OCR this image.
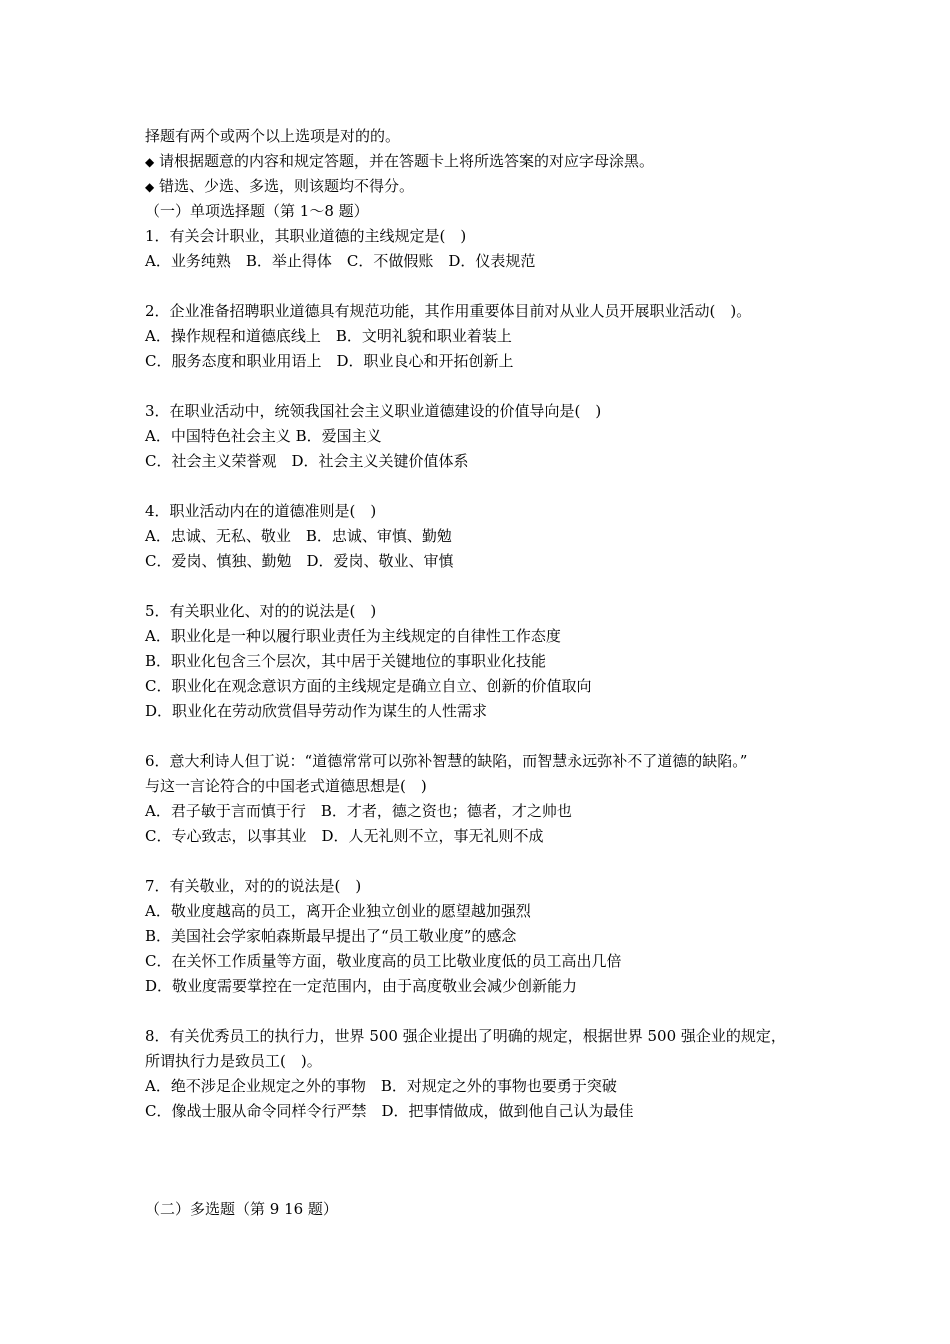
择题有两个或两个以上选项是对的的。
◆ 请根据题意的内容和规定答题，并在答题卡上将所选答案的对应字母涂黑。
◆ 错选、少选、多选，则该题均不得分。
（一）单项选择题（第 1～8 题）
1．有关会计职业，其职业道德的主线规定是(　)
A．业务纯熟　B．举止得体　C．不做假账　D．仪表规范
2．企业准备招聘职业道德具有规范功能，其作用重要体目前对从业人员开展职业活动(　)。
A．操作规程和道德底线上　B．文明礼貌和职业着装上
C．服务态度和职业用语上　D．职业良心和开拓创新上
3．在职业活动中，统领我国社会主义职业道德建设的价值导向是(　)
A．中国特色社会主义 B．爱国主义
C．社会主义荣誉观　D．社会主义关键价值体系
4．职业活动内在的道德准则是(　)
A．忠诚、无私、敬业　B．忠诚、审慎、勤勉
C．爱岗、慎独、勤勉　D．爱岗、敬业、审慎
5．有关职业化、对的的说法是(　)
A．职业化是一种以履行职业责任为主线规定的自律性工作态度
B．职业化包含三个层次，其中居于关键地位的事职业化技能
C．职业化在观念意识方面的主线规定是确立自立、创新的价值取向
D．职业化在劳动欣赏倡导劳动作为谋生的人性需求
6．意大利诗人但丁说：“道德常常可以弥补智慧的缺陷，而智慧永远弥补不了道德的缺陷。”
与这一言论符合的中国老式道德思想是(　)
A．君子敏于言而慎于行　B．才者，德之资也；德者，才之帅也
C．专心致志，以事其业　D．人无礼则不立，事无礼则不成
7．有关敬业，对的的说法是(　)
A．敬业度越高的员工，离开企业独立创业的愿望越加强烈
B．美国社会学家帕森斯最早提出了“员工敬业度”的感念
C．在关怀工作质量等方面，敬业度高的员工比敬业度低的员工高出几倍
D．敬业度需要掌控在一定范围内，由于高度敬业会减少创新能力
8．有关优秀员工的执行力，世界 500 强企业提出了明确的规定，根据世界 500 强企业的规定，
所谓执行力是致员工(　)。
A．绝不涉足企业规定之外的事物　B．对规定之外的事物也要勇于突破
C．像战士服从命令同样令行严禁　D．把事情做成，做到他自己认为最佳
（二）多选题（第 9 16 题）
